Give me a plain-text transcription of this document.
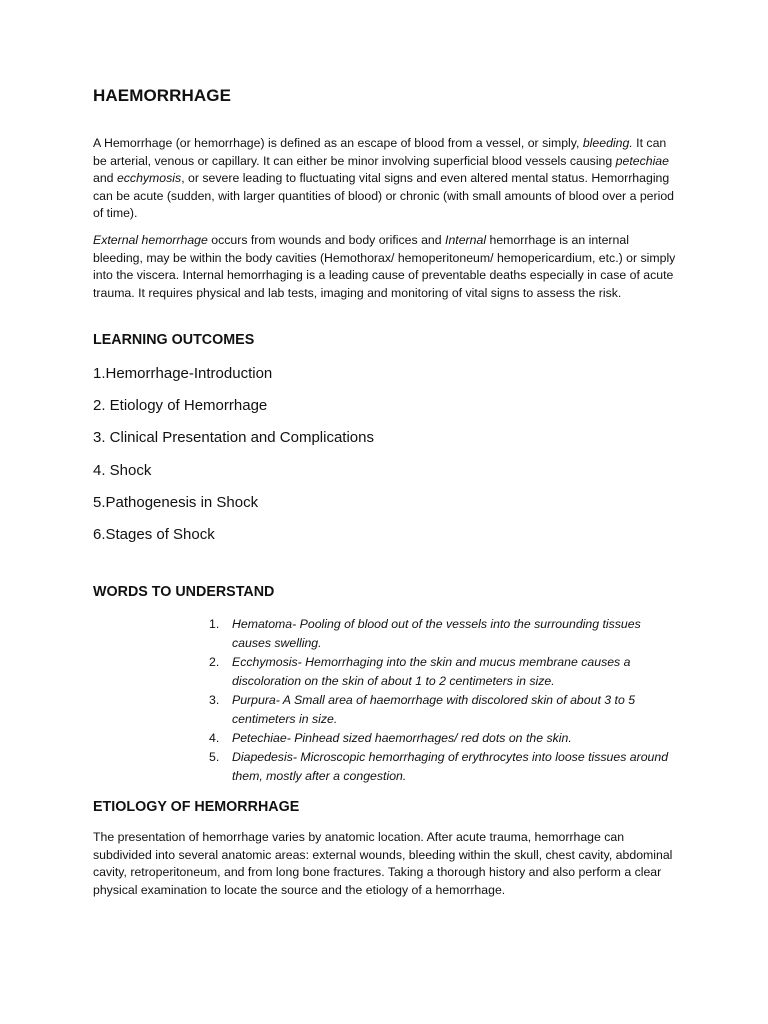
HAEMORRHAGE
A Hemorrhage (or hemorrhage) is defined as an escape of blood from a vessel, or simply, bleeding. It can be arterial, venous or capillary. It can either be minor involving superficial blood vessels causing petechiae and ecchymosis, or severe leading to fluctuating vital signs and even altered mental status. Hemorrhaging can be acute (sudden, with larger quantities of blood) or chronic (with small amounts of blood over a period of time).
External hemorrhage occurs from wounds and body orifices and Internal hemorrhage is an internal bleeding, may be within the body cavities (Hemothorax/ hemoperitoneum/ hemopericardium, etc.) or simply into the viscera. Internal hemorrhaging is a leading cause of preventable deaths especially in case of acute trauma. It requires physical and lab tests, imaging and monitoring of vital signs to assess the risk.
LEARNING OUTCOMES
1.Hemorrhage-Introduction
2. Etiology of Hemorrhage
3. Clinical Presentation and Complications
4. Shock
5.Pathogenesis in Shock
6.Stages of Shock
WORDS TO UNDERSTAND
1. Hematoma- Pooling of blood out of the vessels into the surrounding tissues causes swelling.
2. Ecchymosis- Hemorrhaging into the skin and mucus membrane causes a discoloration on the skin of about 1 to 2 centimeters in size.
3. Purpura- A Small area of haemorrhage with discolored skin of about 3 to 5 centimeters in size.
4. Petechiae- Pinhead sized haemorrhages/ red dots on the skin.
5. Diapedesis- Microscopic hemorrhaging of erythrocytes into loose tissues around them, mostly after a congestion.
ETIOLOGY OF HEMORRHAGE
The presentation of hemorrhage varies by anatomic location. After acute trauma, hemorrhage can subdivided into several anatomic areas: external wounds, bleeding within the skull, chest cavity, abdominal cavity, retroperitoneum, and from long bone fractures. Taking a thorough history and also perform a clear physical examination to locate the source and the etiology of a hemorrhage.
